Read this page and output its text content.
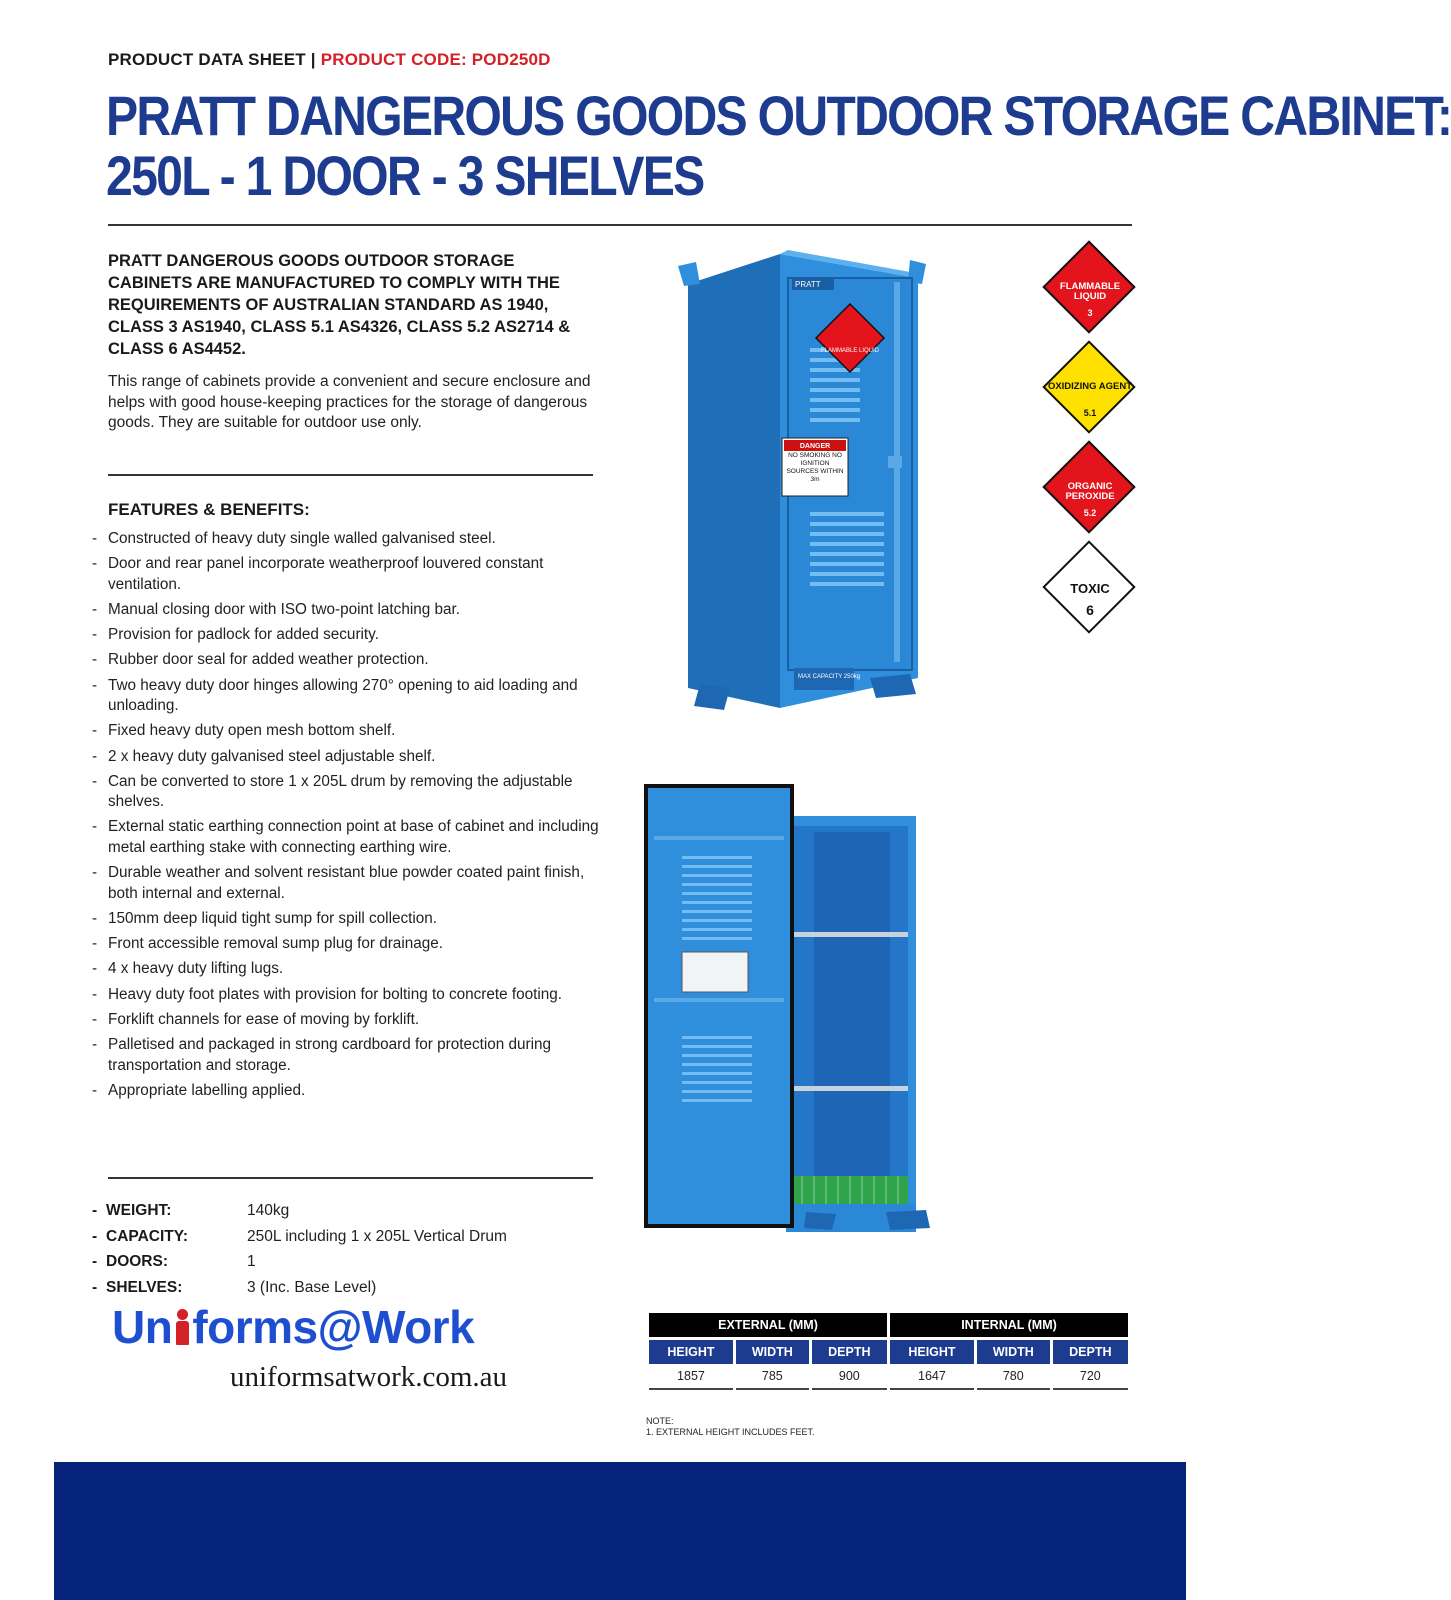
PRODUCT DATA SHEET | PRODUCT CODE: POD250D
PRATT DANGEROUS GOODS OUTDOOR STORAGE CABINET:
250L - 1 DOOR - 3 SHELVES
PRATT DANGEROUS GOODS OUTDOOR STORAGE CABINETS ARE MANUFACTURED TO COMPLY WITH THE REQUIREMENTS OF AUSTRALIAN STANDARD AS 1940, CLASS 3 AS1940, CLASS 5.1 AS4326, CLASS 5.2 AS2714 & CLASS 6 AS4452.
This range of cabinets provide a convenient and secure enclosure and helps with good house-keeping practices for the storage of dangerous goods. They are suitable for outdoor use only.
FEATURES & BENEFITS:
- Constructed of heavy duty single walled galvanised steel.
- Door and rear panel incorporate weatherproof louvered constant ventilation.
- Manual closing door with ISO two-point latching bar.
- Provision for padlock for added security.
- Rubber door seal for added weather protection.
- Two heavy duty door hinges allowing 270° opening to aid loading and unloading.
- Fixed heavy duty open mesh bottom shelf.
- 2 x heavy duty galvanised steel adjustable shelf.
- Can be converted to store 1 x 205L drum by removing the adjustable shelves.
- External static earthing connection point at base of cabinet and including metal earthing stake with connecting earthing wire.
- Durable weather and solvent resistant blue powder coated paint finish, both internal and external.
- 150mm deep liquid tight sump for spill collection.
- Front accessible removal sump plug for drainage.
- 4 x heavy duty lifting lugs.
- Heavy duty foot plates with provision for bolting to concrete footing.
- Forklift channels for ease of moving by forklift.
- Palletised and packaged in strong cardboard for protection during transportation and storage.
- Appropriate labelling applied.
- WEIGHT:	140kg
- CAPACITY:	250L including 1 x 205L Vertical Drum
- DOORS:	1
- SHELVES:	3 (Inc. Base Level)
Un forms@Work
uniformsatwork.com.au
PRATT
FLAMMABLE LIQUID
DANGER
NO SMOKING NO IGNITION SOURCES WITHIN 3m
MAX CAPACITY 250kg
FLAMMABLE LIQUID
3
OXIDIZING AGENT
5.1
ORGANIC PEROXIDE
5.2
TOXIC
6
EXTERNAL (MM)			INTERNAL (MM)		

HEIGHT	WIDTH	DEPTH	HEIGHT	WIDTH	DEPTH
1857	785	900	1647	780	720
NOTE:
1. EXTERNAL HEIGHT INCLUDES FEET.
